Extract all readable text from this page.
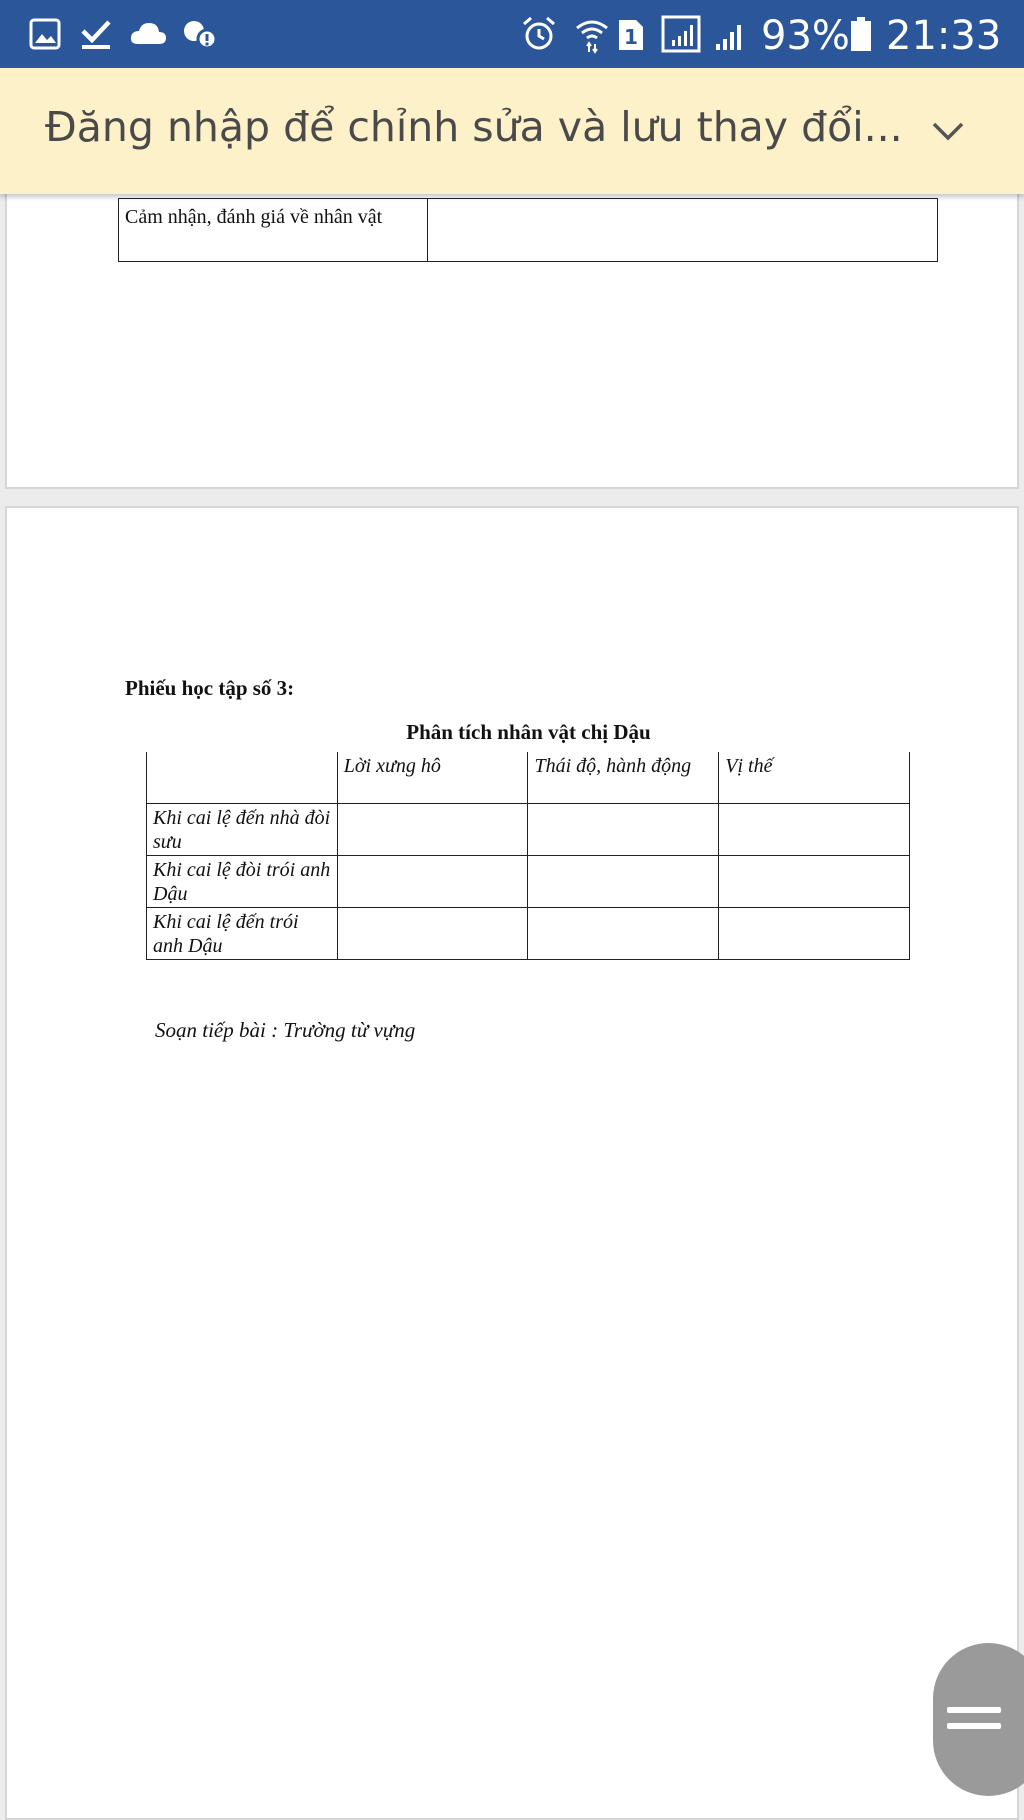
1	93% 21:33
Đăng nhập để chỉnh sửa và lưu thay đổi...
Cảm nhận, đánh giá về nhân vật	
Phiếu học tập số 3:
Phân tích nhân vật chị Dậu
	Lời xưng hô	Thái độ, hành động	Vị thế
Khi cai lệ đến nhà đòi sưu			
Khi cai lệ đòi trói anh Dậu			
Khi cai lệ đến trói anh Dậu			
Soạn tiếp bài : Trường từ vựng
